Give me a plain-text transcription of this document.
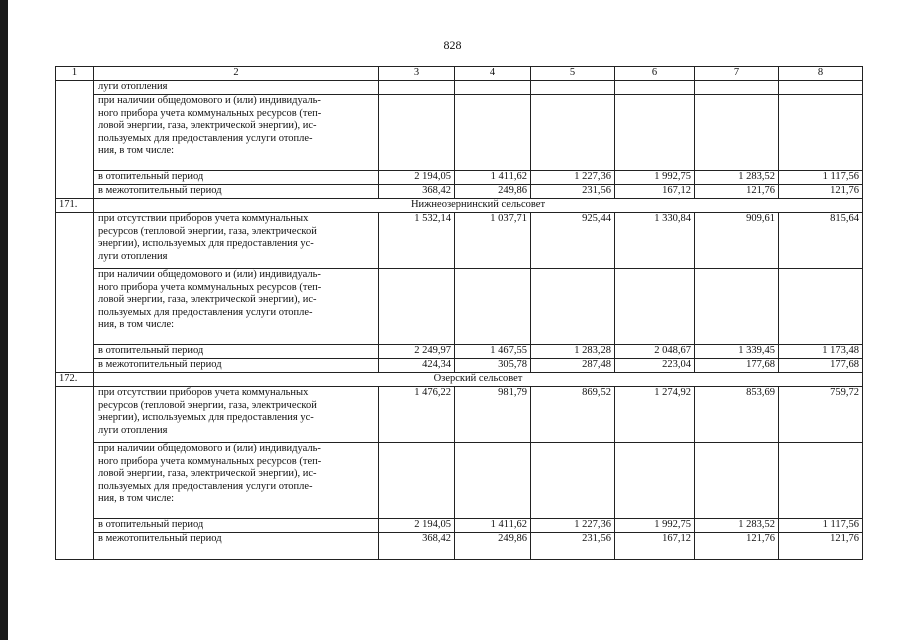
828
1	2	3	4	5	6	7	8
	луги отопления						
	при наличии общедомового и (или) индивидуаль-
ного прибора учета коммунальных ресурсов (теп-
ловой энергии, газа, электрической энергии), ис-
пользуемых для предоставления услуги отопле-
ния, в том числе:						
	в отопительный период	2 194,05	1 411,62	1 227,36	1 992,75	1 283,52	1 117,56
	в межотопительный период	368,42	249,86	231,56	167,12	121,76	121,76
171.	Нижнеозернинский сельсовет						
	при отсутствии приборов учета коммунальных
ресурсов (тепловой энергии, газа, электрической
энергии), используемых для предоставления ус-
луги отопления	1 532,14	1 037,71	925,44	1 330,84	909,61	815,64
	при наличии общедомового и (или) индивидуаль-
ного прибора учета коммунальных ресурсов (теп-
ловой энергии, газа, электрической энергии), ис-
пользуемых для предоставления услуги отопле-
ния, в том числе:						
	в отопительный период	2 249,97	1 467,55	1 283,28	2 048,67	1 339,45	1 173,48
	в межотопительный период	424,34	305,78	287,48	223,04	177,68	177,68
172.	Озерский сельсовет						
	при отсутствии приборов учета коммунальных
ресурсов (тепловой энергии, газа, электрической
энергии), используемых для предоставления ус-
луги отопления	1 476,22	981,79	869,52	1 274,92	853,69	759,72
	при наличии общедомового и (или) индивидуаль-
ного прибора учета коммунальных ресурсов (теп-
ловой энергии, газа, электрической энергии), ис-
пользуемых для предоставления услуги отопле-
ния, в том числе:						
	в отопительный период	2 194,05	1 411,62	1 227,36	1 992,75	1 283,52	1 117,56
	в межотопительный период	368,42	249,86	231,56	167,12	121,76	121,76
